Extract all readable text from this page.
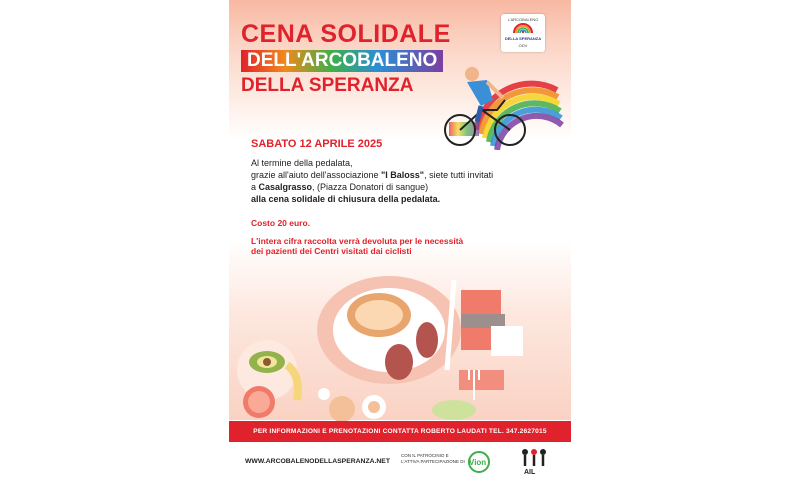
CENA SOLIDALE
DELL'ARCOBALENO
DELLA SPERANZA
L'ARCOBALENO
DELLA SPERANZA
ODV
SABATO 12 APRILE 2025
Al termine della pedalata,
grazie all'aiuto dell'associazione "I Baloss", siete tutti invitati
a Casalgrasso, (Piazza Donatori di sangue)
alla cena solidale di chiusura della pedalata.
Costo 20 euro.
L'intera cifra raccolta verrà devoluta per le necessità
dei pazienti dei Centri visitati dai ciclisti
PER INFORMAZIONI E PRENOTAZIONI CONTATTA ROBERTO LAUDATI TEL. 347.2627015
WWW.ARCOBALENODELLASPERANZA.NET
CON IL PATROCINIO E
L'ATTIVA PARTECIPAZIONE DI Vion
AIL
